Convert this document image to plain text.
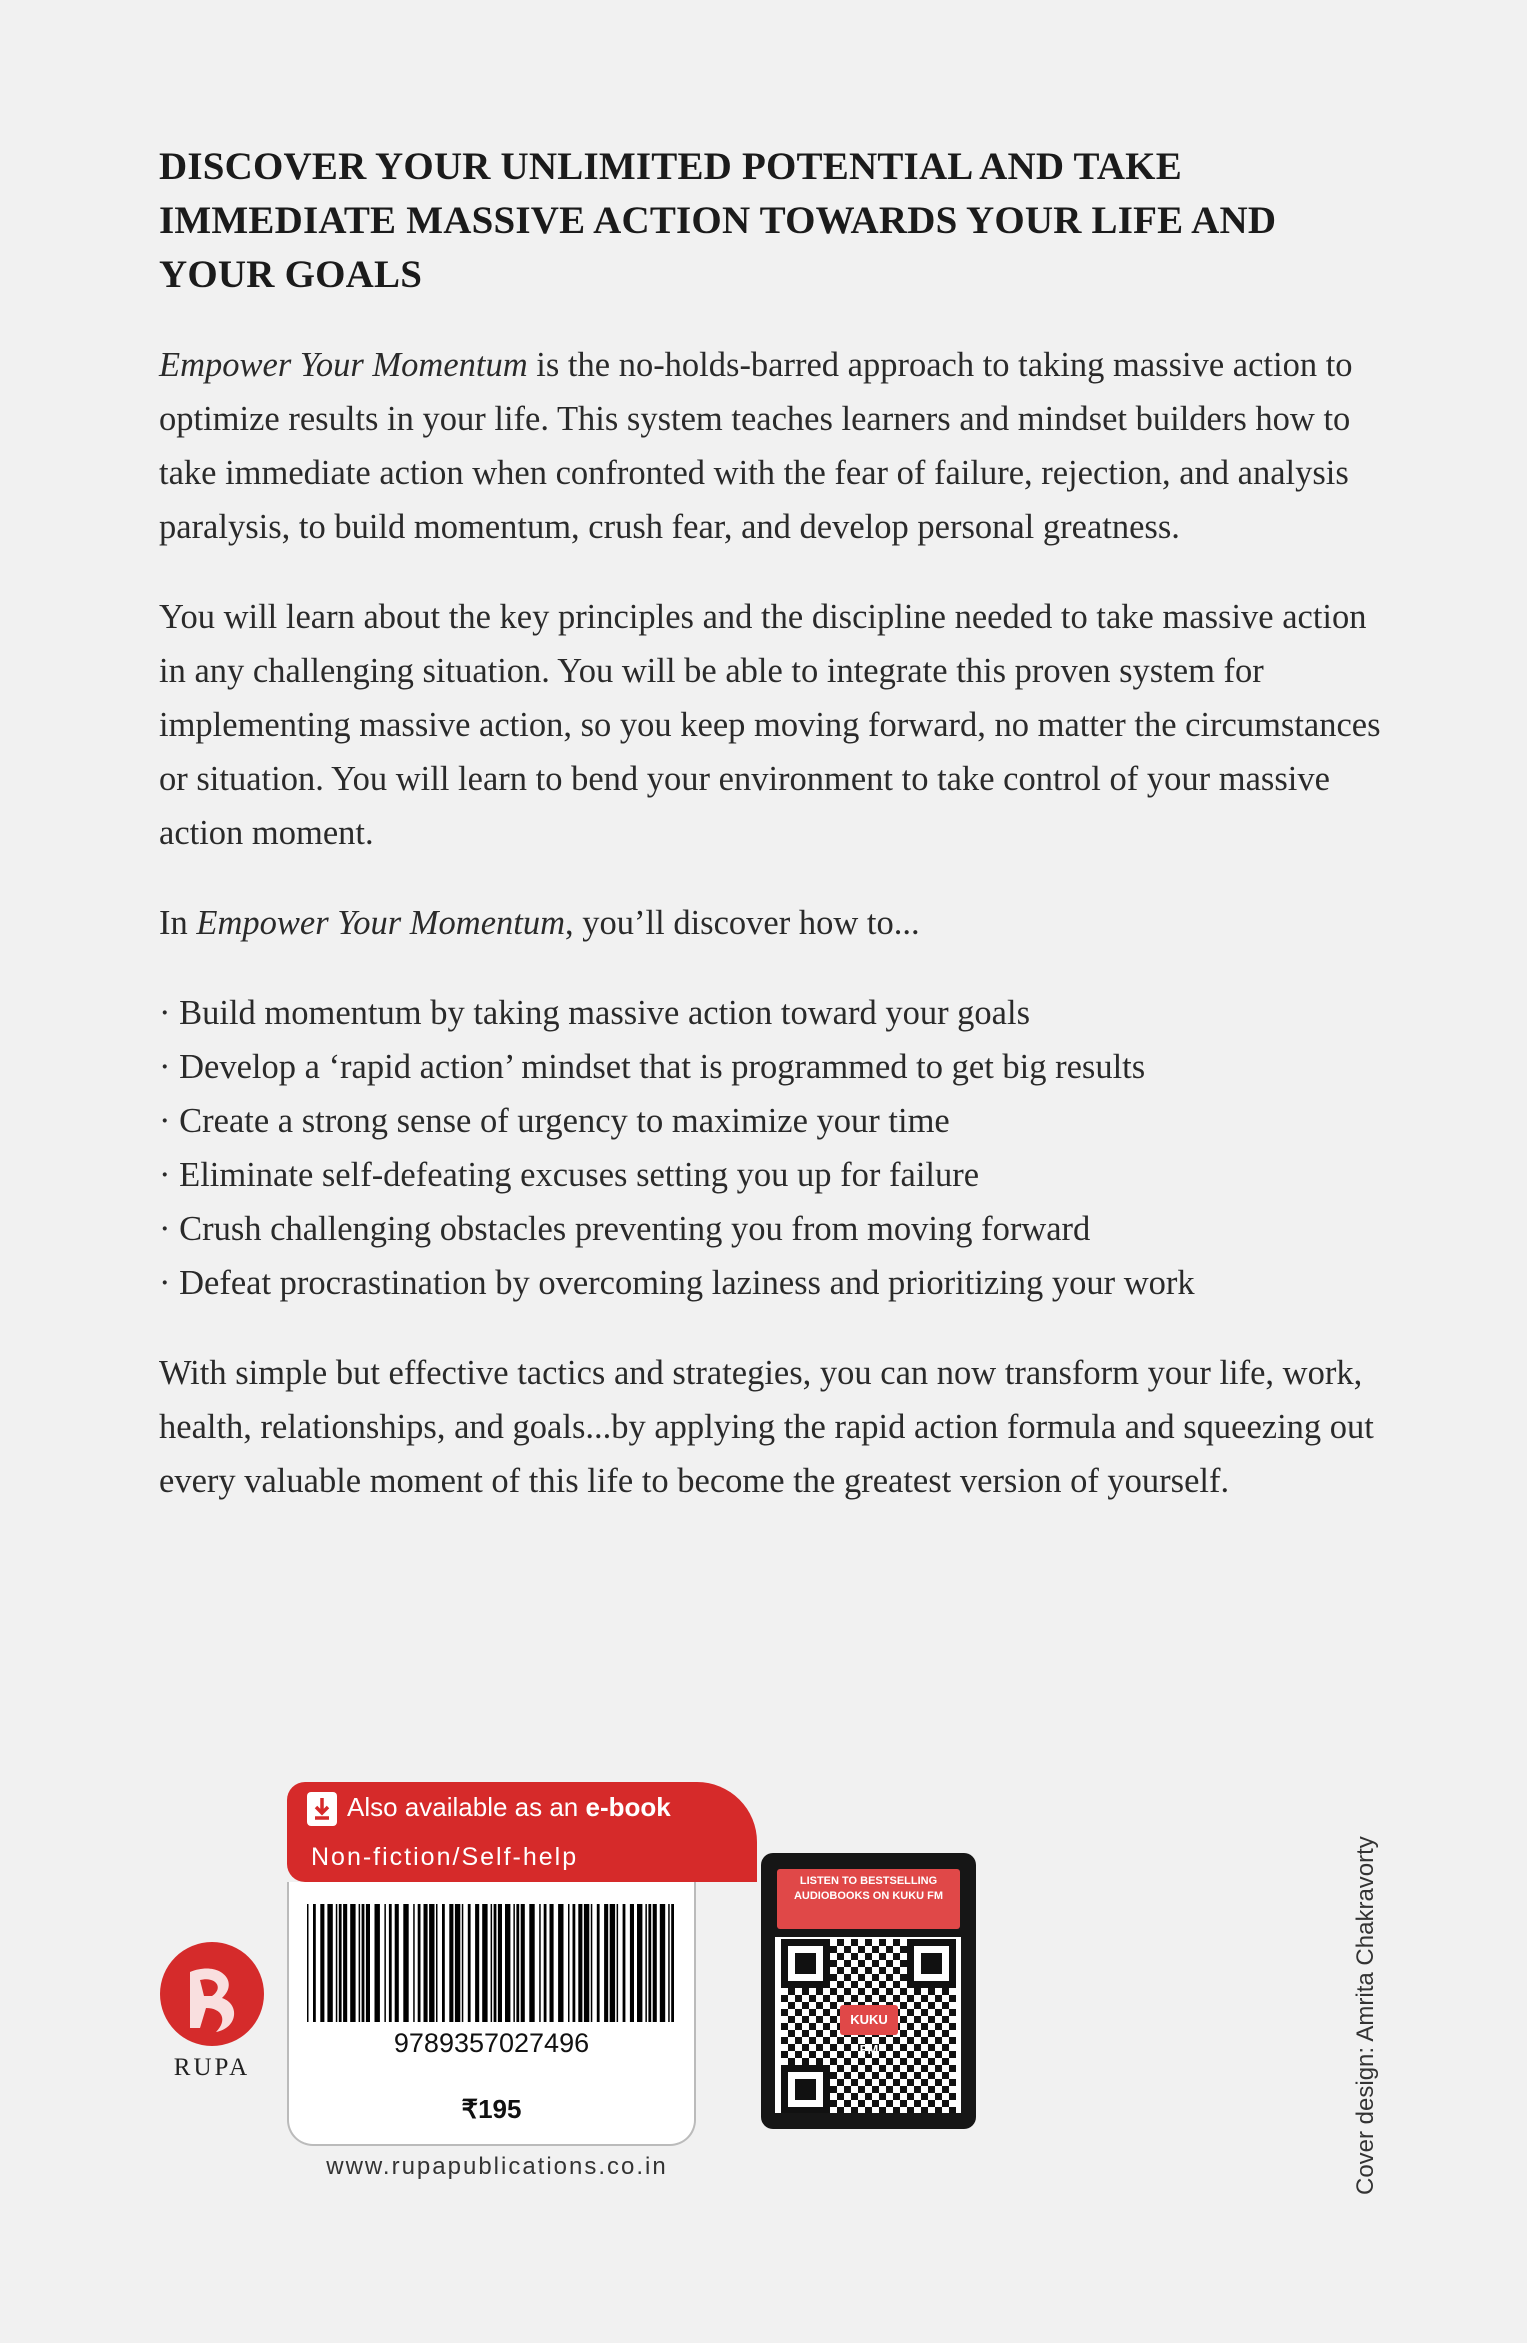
DISCOVER YOUR UNLIMITED POTENTIAL AND TAKE IMMEDIATE MASSIVE ACTION TOWARDS YOUR LIFE AND YOUR GOALS

Empower Your Momentum is the no-holds-barred approach to taking massive action to optimize results in your life. This system teaches learners and mindset builders how to take immediate action when confronted with the fear of failure, rejection, and analysis paralysis, to build momentum, crush fear, and develop personal greatness.

You will learn about the key principles and the discipline needed to take massive action in any challenging situation. You will be able to integrate this proven system for implementing massive action, so you keep moving forward, no matter the circumstances or situation. You will learn to bend your environment to take control of your massive action moment.

In Empower Your Momentum, you’ll discover how to...

· Build momentum by taking massive action toward your goals
· Develop a ‘rapid action’ mindset that is programmed to get big results
· Create a strong sense of urgency to maximize your time
· Eliminate self-defeating excuses setting you up for failure
· Crush challenging obstacles preventing you from moving forward
· Defeat procrastination by overcoming laziness and prioritizing your work

With simple but effective tactics and strategies, you can now transform your life, work, health, relationships, and goals...by applying the rapid action formula and squeezing out every valuable moment of this life to become the greatest version of yourself.

RUPA
Also available as an e-book
Non-fiction/Self-help
9789357027496
₹195
www.rupapublications.co.in
LISTEN TO BESTSELLING AUDIOBOOKS ON KUKU FM
KUKU FM	Cover design: Amrita Chakravorty
